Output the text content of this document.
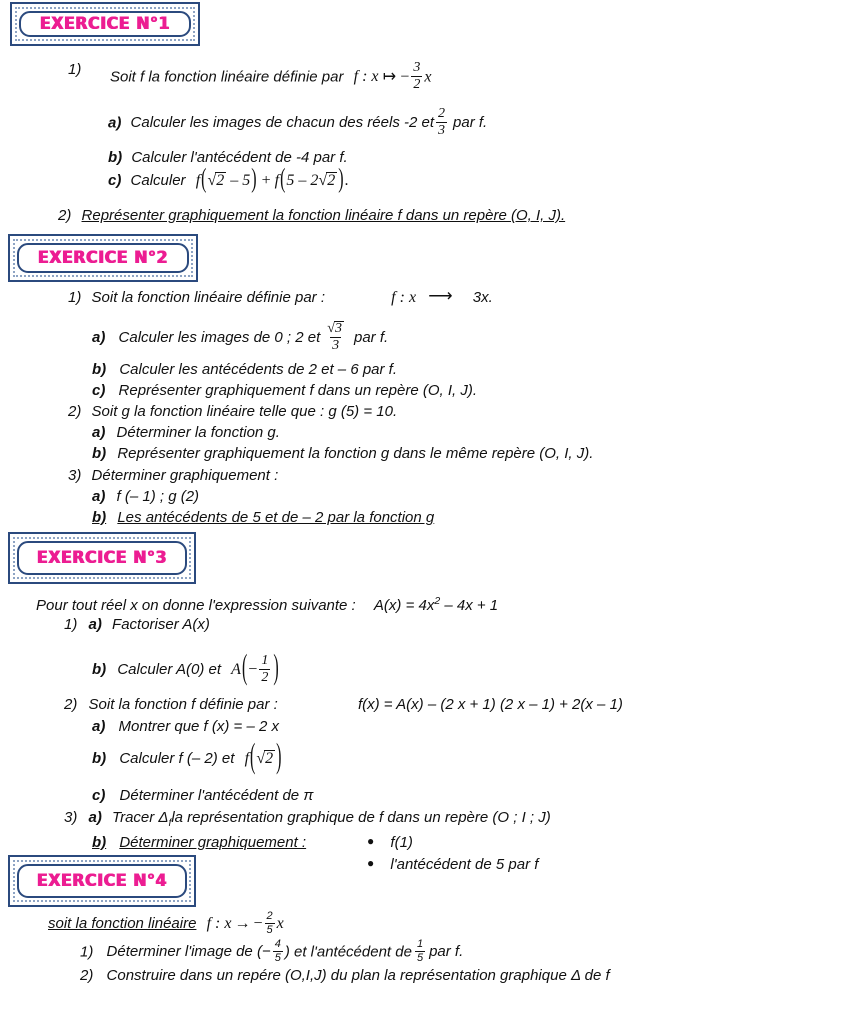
EXERCICE N°1
1) Soit f la fonction linéaire définie par f : x ↦ − $\frac{3}{2}$ x
a) Calculer les images de chacun des réels -2 et $\frac{2}{3}$ par f.
b) Calculer l'antécédent de -4 par f.
c) Calculer f(√2 – 5) + f(5 – 2√2 ).
2) Représenter graphiquement la fonction linéaire f dans un repère (O, I, J).
EXERCICE N°2
1) Soit la fonction linéaire définie par :	f : x ⟶ 3x.
a) Calculer les images de 0 ; 2 et $\frac{√3}{3}$ par f.
b) Calculer les antécédents de 2 et – 6 par f.
c) Représenter graphiquement f dans un repère (O, I, J).
2) Soit g la fonction linéaire telle que : g (5) = 10.
a) Déterminer la fonction g.
b) Représenter graphiquement la fonction g dans le même repère (O, I, J).
3) Déterminer graphiquement :
a) f (– 1) ; g (2)
b) Les antécédents de 5 et de – 2 par la fonction g
EXERCICE N°3
Pour tout réel x on donne l'expression suivante : $A(x) = 4x^2 - 4x + 1$
1) a) Factoriser A(x)
b) Calculer A(0) et $A(- \frac{1}{2}$ )
2) Soit la fonction f définie par :	f(x) = A(x) – (2 x + 1) (2 x – 1) + 2(x – 1)
a) Montrer que f (x) = – 2 x
b) Calculer f (– 2) et f(√2 )
c) Déterminer l'antécédent de π
3) a) Tracer $\Delta_fla$ représentation graphique de f dans un repère (O ; I ; J)
b) Déterminer graphiquement :	● f(1)
● l'antécédent de 5 par f
EXERCICE N°4
soit la fonction linéaire f : x → − $\frac{2}{5}$ x
1) Déterminer l'image de (− $\frac{4}{5}$ ) et l'antécédent de $\frac{1}{5}$ par f.
2) Construire dans un repére (O,I,J) du plan la représentation graphique Δ de f
